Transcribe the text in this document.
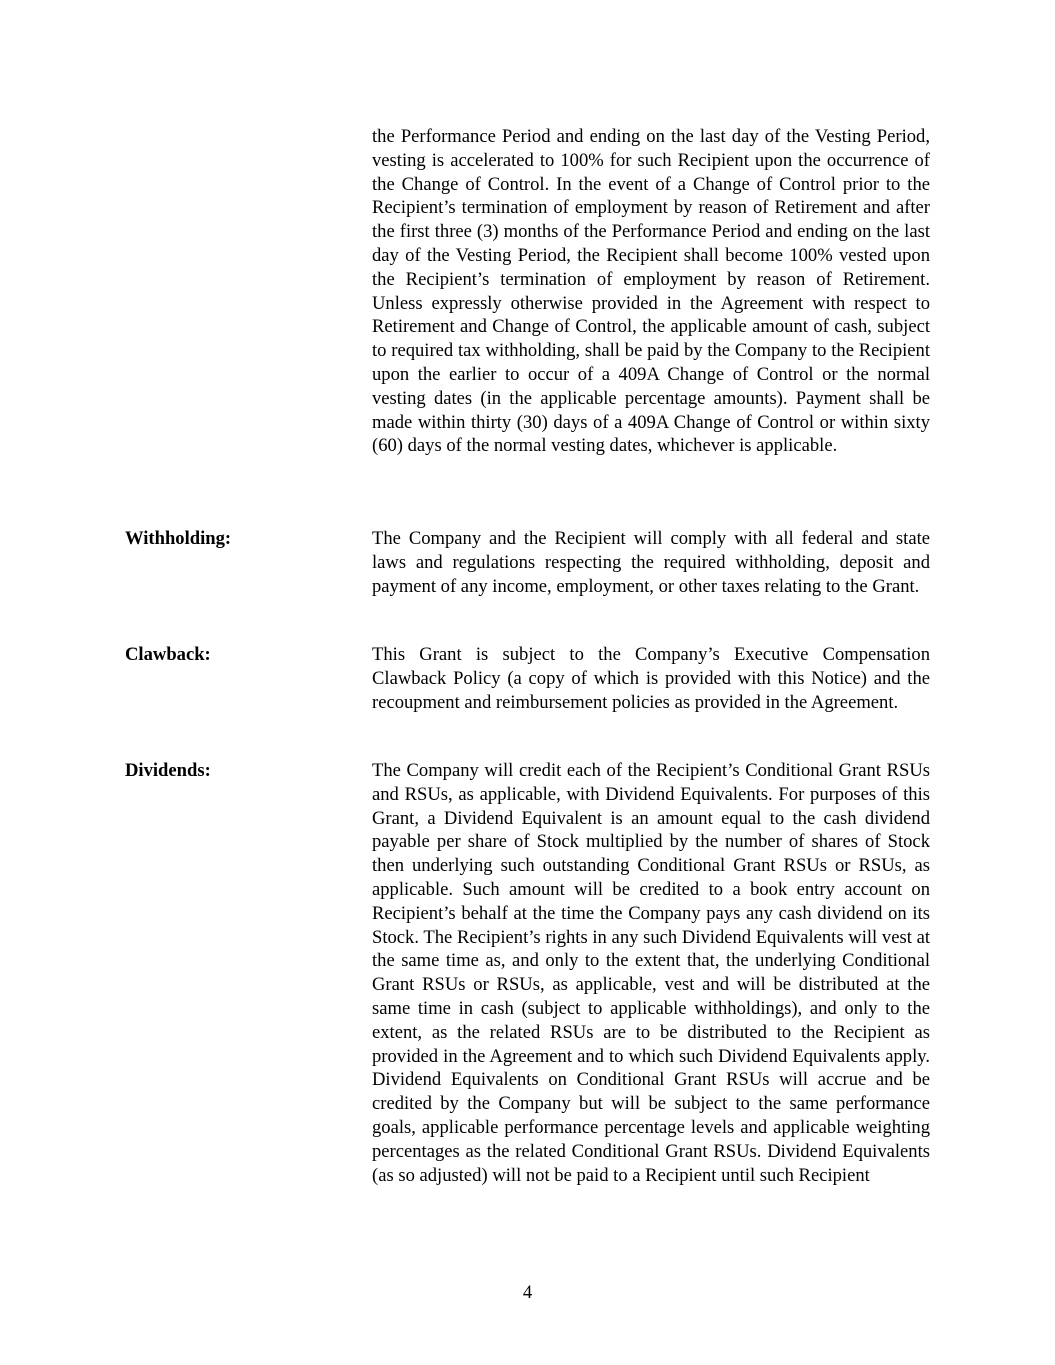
the Performance Period and ending on the last day of the Vesting Period, vesting is accelerated to 100% for such Recipient upon the occurrence of the Change of Control. In the event of a Change of Control prior to the Recipient’s termination of employment by reason of Retirement and after the first three (3) months of the Performance Period and ending on the last day of the Vesting Period, the Recipient shall become 100% vested upon the Recipient’s termination of employment by reason of Retirement. Unless expressly otherwise provided in the Agreement with respect to Retirement and Change of Control, the applicable amount of cash, subject to required tax withholding, shall be paid by the Company to the Recipient upon the earlier to occur of a 409A Change of Control or the normal vesting dates (in the applicable percentage amounts). Payment shall be made within thirty (30) days of a 409A Change of Control or within sixty (60) days of the normal vesting dates, whichever is applicable.

Withholding:	The Company and the Recipient will comply with all federal and state laws and regulations respecting the required withholding, deposit and payment of any income, employment, or other taxes relating to the Grant.

Clawback:	This Grant is subject to the Company’s Executive Compensation Clawback Policy (a copy of which is provided with this Notice) and the recoupment and reimbursement policies as provided in the Agreement.

Dividends:	The Company will credit each of the Recipient’s Conditional Grant RSUs and RSUs, as applicable, with Dividend Equivalents. For purposes of this Grant, a Dividend Equivalent is an amount equal to the cash dividend payable per share of Stock multiplied by the number of shares of Stock then underlying such outstanding Conditional Grant RSUs or RSUs, as applicable. Such amount will be credited to a book entry account on Recipient’s behalf at the time the Company pays any cash dividend on its Stock. The Recipient’s rights in any such Dividend Equivalents will vest at the same time as, and only to the extent that, the underlying Conditional Grant RSUs or RSUs, as applicable, vest and will be distributed at the same time in cash (subject to applicable withholdings), and only to the extent, as the related RSUs are to be distributed to the Recipient as provided in the Agreement and to which such Dividend Equivalents apply. Dividend Equivalents on Conditional Grant RSUs will accrue and be credited by the Company but will be subject to the same performance goals, applicable performance percentage levels and applicable weighting percentages as the related Conditional Grant RSUs. Dividend Equivalents (as so adjusted) will not be paid to a Recipient until such Recipient

4
